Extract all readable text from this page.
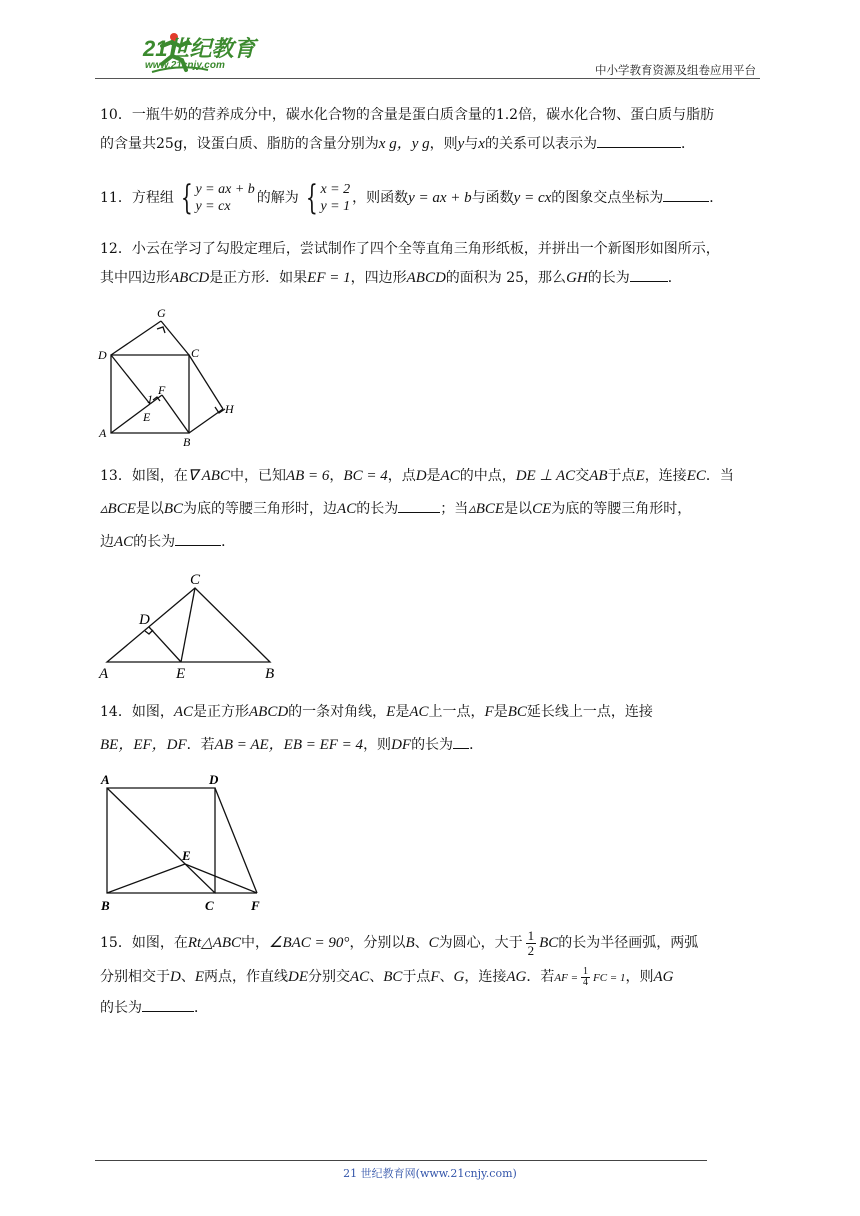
21世纪教育
www.21cnjy.com	中小学教育资源及组卷应用平台

10．一瓶牛奶的营养成分中，碳水化合物的含量是蛋白质含量的1.2倍，碳水化合物、蛋白质与脂肪

的含量共25g，设蛋白质、脂肪的含量分别为x g，y g，则y与x的关系可以表示为	．

11．方程组 { y = ax + b
y = cx
的解为 { x = 2
y = 1
，则函数y = ax + b与函数y = cx的图象交点坐标为	．

12．小云在学习了勾股定理后，尝试制作了四个全等直角三角形纸板，并拼出一个新图形如图所示，

其中四边形ABCD是正方形．如果EF = 1，四边形ABCD的面积为 25，那么GH的长为	．

G
D	C
F
1
E
H
A
B

13．如图，在∇ ABC中，已知AB = 6，BC = 4，点D是AC的中点，DE ⊥ AC交AB于点E，连接EC．当

▵BCE是以BC为底的等腰三角形时，边AC的长为	；当▵BCE是以CE为底的等腰三角形时，

边AC的长为	．

C
D
A	E	B

14．如图，AC是正方形ABCD的一条对角线，E是AC上一点，F是BC延长线上一点，连接

BE，EF，DF．若AB = AE，EB = EF = 4，则DF的长为 ．

A	D
E
B	C	F

15．如图，在Rt△ABC中，∠BAC = 90°，分别以B、C为圆心，大于 $\frac{1}{2}$ BC的长为半径画弧，两弧

分别相交于D、E两点，作直线DE分别交AC、BC于点F、G，连接AG．若AF = $\frac{1}{4}$ FC = 1，则AG

的长为	．

21 世纪教育网(www.21cnjy.com)
